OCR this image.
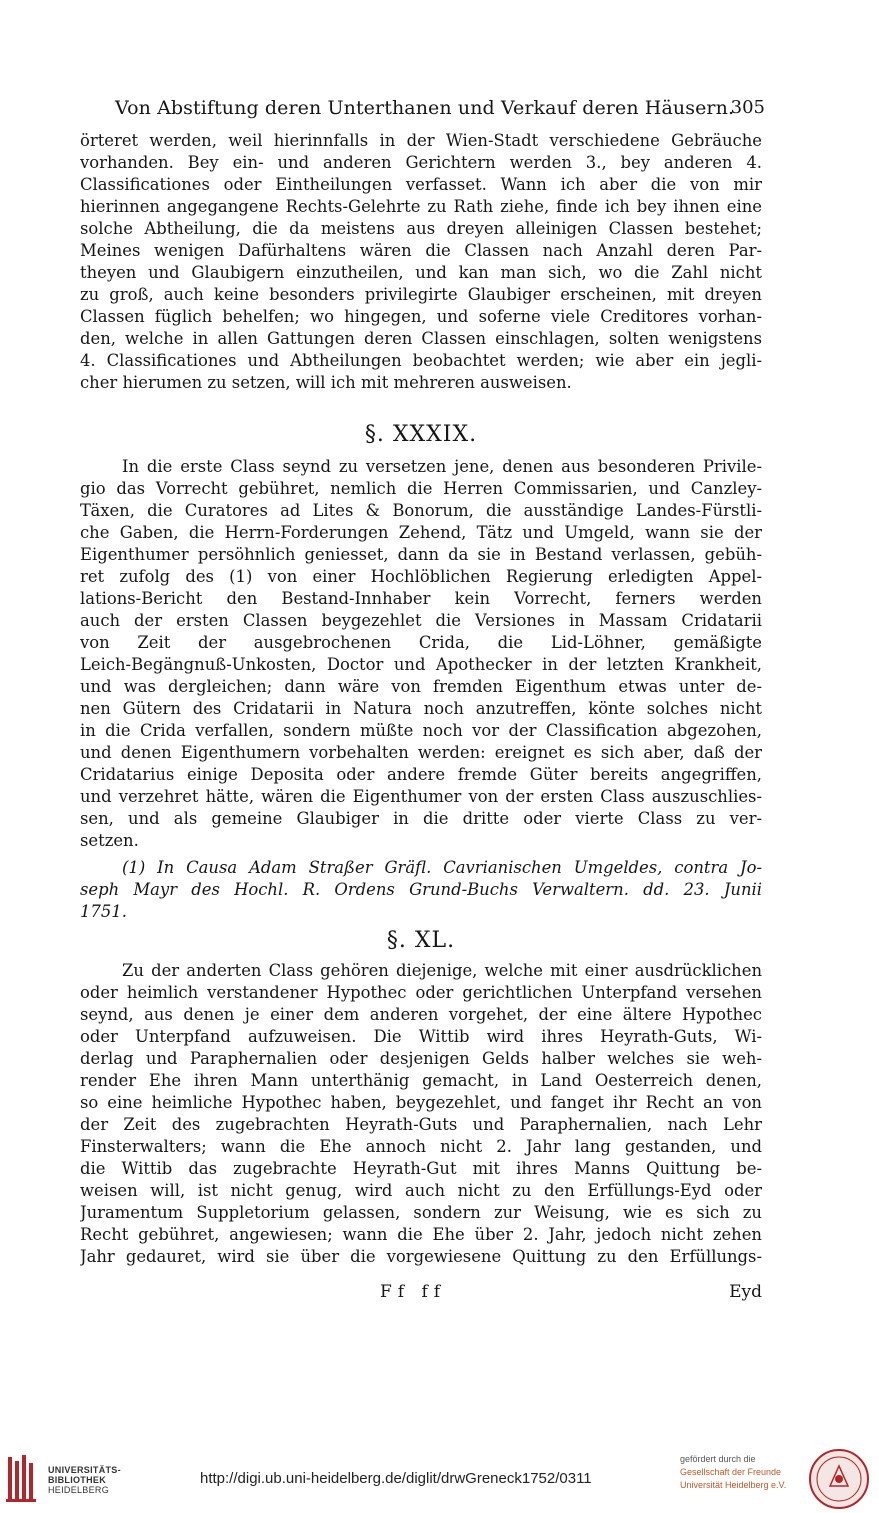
Von Abstiftung deren Unterthanen und Verkauf deren Häusern.
305
örteret werden, weil hierinnfalls in der Wien-Stadt verschiedene Gebräuche
vorhanden. Bey ein- und anderen Gerichtern werden 3., bey anderen 4.
Classificationes oder Eintheilungen verfasset. Wann ich aber die von mir
hierinnen angegangene Rechts-Gelehrte zu Rath ziehe, finde ich bey ihnen eine
solche Abtheilung, die da meistens aus dreyen alleinigen Classen bestehet;
Meines wenigen Dafürhaltens wären die Classen nach Anzahl deren Par-
theyen und Glaubigern einzutheilen, und kan man sich, wo die Zahl nicht
zu groß, auch keine besonders privilegirte Glaubiger erscheinen, mit dreyen
Classen füglich behelfen; wo hingegen, und soferne viele Creditores vorhan-
den, welche in allen Gattungen deren Classen einschlagen, solten wenigstens
4. Classificationes und Abtheilungen beobachtet werden; wie aber ein jegli-
cher hierumen zu setzen, will ich mit mehreren ausweisen.
§. XXXIX.
In die erste Class seynd zu versetzen jene, denen aus besonderen Privile-
gio das Vorrecht gebühret, nemlich die Herren Commissarien, und Canzley-
Täxen, die Curatores ad Lites & Bonorum, die ausständige Landes-Fürstli-
che Gaben, die Herrn-Forderungen Zehend, Tätz und Umgeld, wann sie der
Eigenthumer persöhnlich geniesset, dann da sie in Bestand verlassen, gebüh-
ret zufolg des (1) von einer Hochlöblichen Regierung erledigten Appel-
lations-Bericht den Bestand-Innhaber kein Vorrecht, ferners werden
auch der ersten Classen beygezehlet die Versiones in Massam Cridatarii
von Zeit der ausgebrochenen Crida, die Lid-Löhner, gemäßigte
Leich-Begängnuß-Unkosten, Doctor und Apothecker in der letzten Krankheit,
und was dergleichen; dann wäre von fremden Eigenthum etwas unter de-
nen Gütern des Cridatarii in Natura noch anzutreffen, könte solches nicht
in die Crida verfallen, sondern müßte noch vor der Classification abgezohen,
und denen Eigenthumern vorbehalten werden: ereignet es sich aber, daß der
Cridatarius einige Deposita oder andere fremde Güter bereits angegriffen,
und verzehret hätte, wären die Eigenthumer von der ersten Class auszuschlies-
sen, und als gemeine Glaubiger in die dritte oder vierte Class zu ver-
setzen.
(1) In Causa Adam Straßer Gräfl. Cavrianischen Umgeldes, contra Jo-
seph Mayr des Hochl. R. Ordens Grund-Buchs Verwaltern. dd. 23. Junii
1751.
§. XL.
Zu der anderten Class gehören diejenige, welche mit einer ausdrücklichen
oder heimlich verstandener Hypothec oder gerichtlichen Unterpfand versehen
seynd, aus denen je einer dem anderen vorgehet, der eine ältere Hypothec
oder Unterpfand aufzuweisen. Die Wittib wird ihres Heyrath-Guts, Wi-
derlag und Paraphernalien oder desjenigen Gelds halber welches sie weh-
render Ehe ihren Mann unterthänig gemacht, in Land Oesterreich denen,
so eine heimliche Hypothec haben, beygezehlet, und fanget ihr Recht an von
der Zeit des zugebrachten Heyrath-Guts und Paraphernalien, nach Lehr
Finsterwalters; wann die Ehe annoch nicht 2. Jahr lang gestanden, und
die Wittib das zugebrachte Heyrath-Gut mit ihres Manns Quittung be-
weisen will, ist nicht genug, wird auch nicht zu den Erfüllungs-Eyd oder
Juramentum Suppletorium gelassen, sondern zur Weisung, wie es sich zu
Recht gebühret, angewiesen; wann die Ehe über 2. Jahr, jedoch nicht zehen
Jahr gedauret, wird sie über die vorgewiesene Quittung zu den Erfüllungs-
Ff ff	Eyd
UNIVERSITÄTS-
BIBLIOTHEK
HEIDELBERG
http://digi.ub.uni-heidelberg.de/diglit/drwGreneck1752/0311
gefördert durch die
Gesellschaft der Freunde
Universität Heidelberg e.V.
